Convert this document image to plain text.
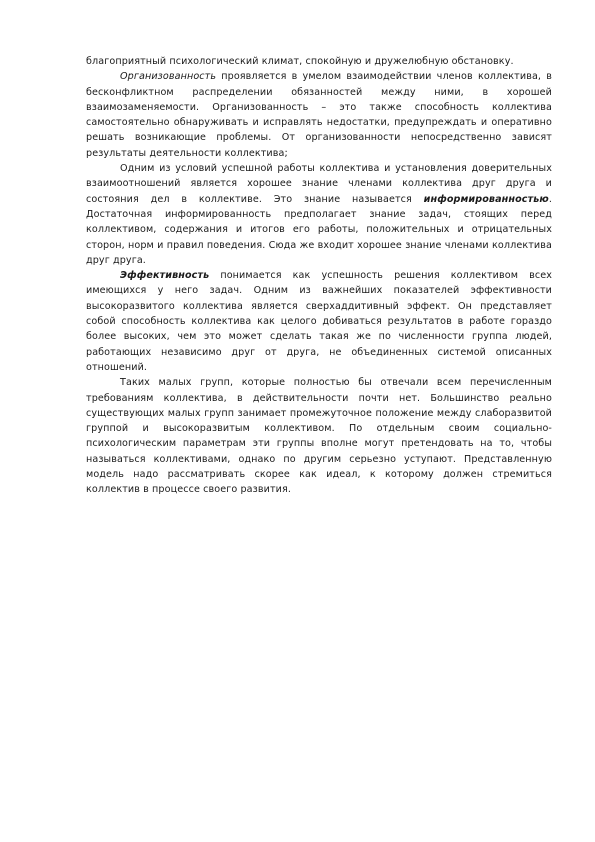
благоприятный психологический климат, спокойную и дружелюбную обстановку.

Организованность проявляется в умелом взаимодействии членов коллектива, в бесконфликтном распределении обязанностей между ними, в хорошей взаимозаменяемости. Организованность – это также способность коллектива самостоятельно обнаруживать и исправлять недостатки, предупреждать и оперативно решать возникающие проблемы. От организованности непосредственно зависят результаты деятельности коллектива;

Одним из условий успешной работы коллектива и установления доверительных взаимоотношений является хорошее знание членами коллектива друг друга и состояния дел в коллективе. Это знание называется информированностью. Достаточная информированность предполагает знание задач, стоящих перед коллективом, содержания и итогов его работы, положительных и отрицательных сторон, норм и правил поведения. Сюда же входит хорошее знание членами коллектива друг друга.

Эффективность понимается как успешность решения коллективом всех имеющихся у него задач. Одним из важнейших показателей эффективности высокоразвитого коллектива является сверхаддитивный эффект. Он представляет собой способность коллектива как целого добиваться результатов в работе гораздо более высоких, чем это может сделать такая же по численности группа людей, работающих независимо друг от друга, не объединенных системой описанных отношений.

Таких малых групп, которые полностью бы отвечали всем перечисленным требованиям коллектива, в действительности почти нет. Большинство реально существующих малых групп занимает промежуточное положение между слаборазвитой группой и высокоразвитым коллективом. По отдельным своим социально-психологическим параметрам эти группы вполне могут претендовать на то, чтобы называться коллективами, однако по другим серьезно уступают. Представленную модель надо рассматривать скорее как идеал, к которому должен стремиться коллектив в процессе своего развития.
